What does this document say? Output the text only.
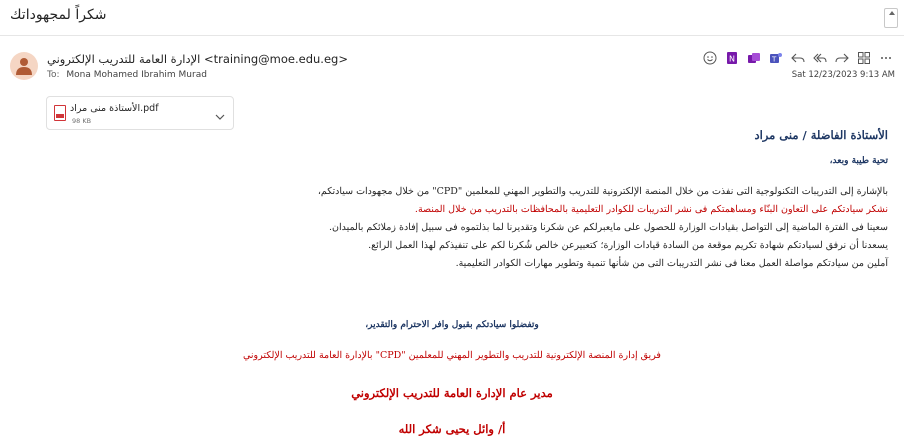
شكراً لمجهوداتك
الإدارة العامة للتدريب الإلكتروني <training@moe.edu.eg>
To: Mona Mohamed Ibrahim Murad
N	T
Sat 12/23/2023 9:13 AM
الأستاذة منى مراد.pdf
98 KB
الأستاذة الفاضلة / منى مراد
تحية طيبة وبعد،
بالإشارة إلى التدريبات التكنولوجية التى نفذت من خلال المنصة الإلكترونية للتدريب والتطوير المهني للمعلمين "CPD" من خلال مجهودات سيادتكم،
نشكر سيادتكم على التعاون البنّاء ومساهمتكم فى نشر التدريبات للكوادر التعليمية بالمحافظات بالتدريب من خلال المنصة.
سعينا فى الفترة الماضية إلى التواصل بقيادات الوزارة للحصول على مايعبرلكم عن شكرنا وتقديرنا لما بذلتموه فى سبيل إفادة زملائكم بالميدان.
يسعدنا أن نرفق لسيادتكم شهادة تكريم موقعة من السادة قيادات الوزارة؛ كتعبيرعن خالص شُكرنا لكم على تنفيذكم لهذا العمل الرائع.
آملين من سيادتكم مواصلة العمل معنا فى نشر التدريبات التى من شأنها تنمية وتطوير مهارات الكوادر التعليمية.
وتفضلوا سيادتكم بقبول وافر الاحترام والتقدير،
فريق إدارة المنصة الإلكترونية للتدريب والتطوير المهني للمعلمين "CPD" بالإدارة العامة للتدريب الإلكتروني
مدير عام الإدارة العامة للتدريب الإلكتروني
أ/ وائل يحيى شكر الله
